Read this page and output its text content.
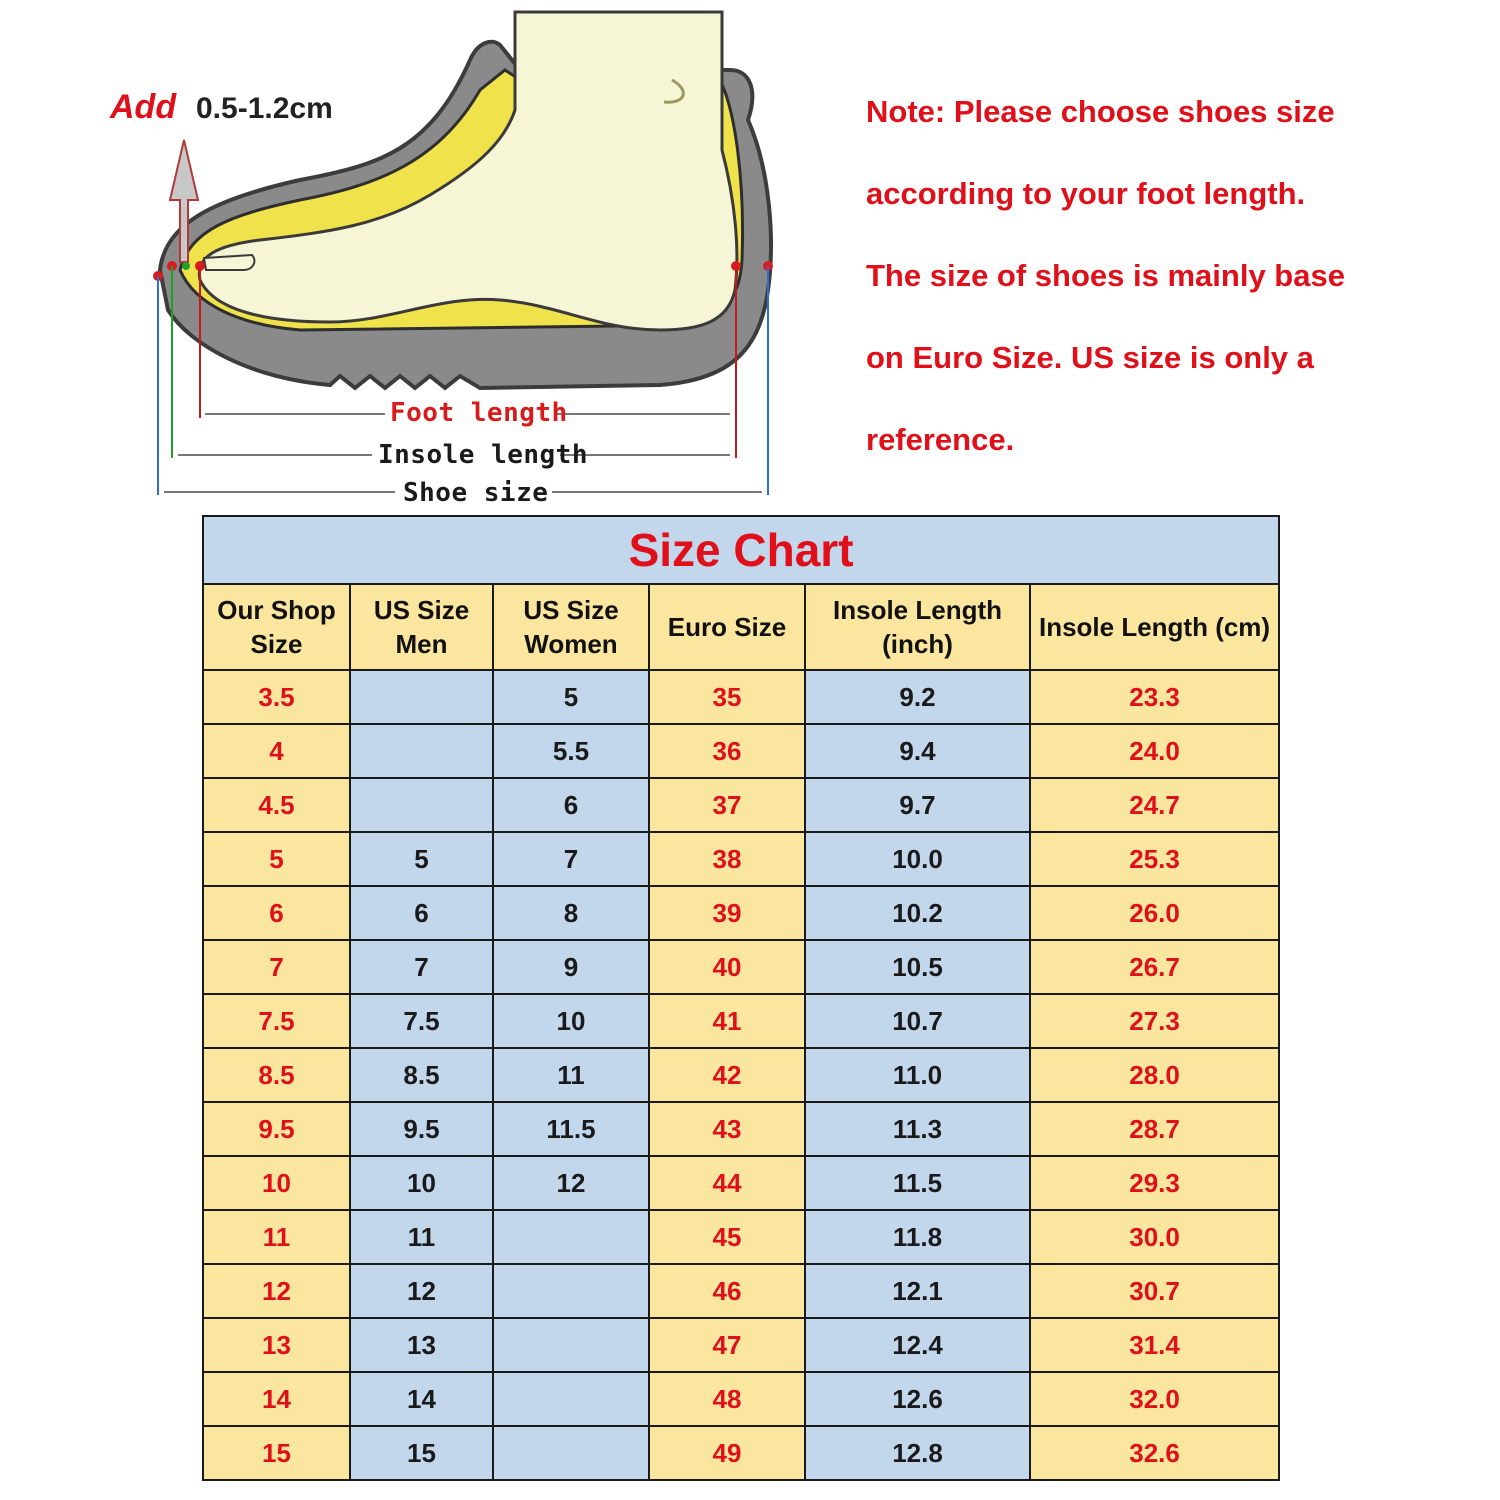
Add 0.5-1.2cm
Foot length
Insole length
Shoe size
Note: Please choose shoes size
according to your foot length.
The size of shoes is mainly base
on Euro Size. US size is only a
reference.
Size Chart					
Our Shop Size	US Size Men	US Size Women	Euro Size	Insole Length (inch)	Insole Length (cm)
3.5		5	35	9.2	23.3
4		5.5	36	9.4	24.0
4.5		6	37	9.7	24.7
5	5	7	38	10.0	25.3
6	6	8	39	10.2	26.0
7	7	9	40	10.5	26.7
7.5	7.5	10	41	10.7	27.3
8.5	8.5	11	42	11.0	28.0
9.5	9.5	11.5	43	11.3	28.7
10	10	12	44	11.5	29.3
11	11		45	11.8	30.0
12	12		46	12.1	30.7
13	13		47	12.4	31.4
14	14		48	12.6	32.0
15	15		49	12.8	32.6
